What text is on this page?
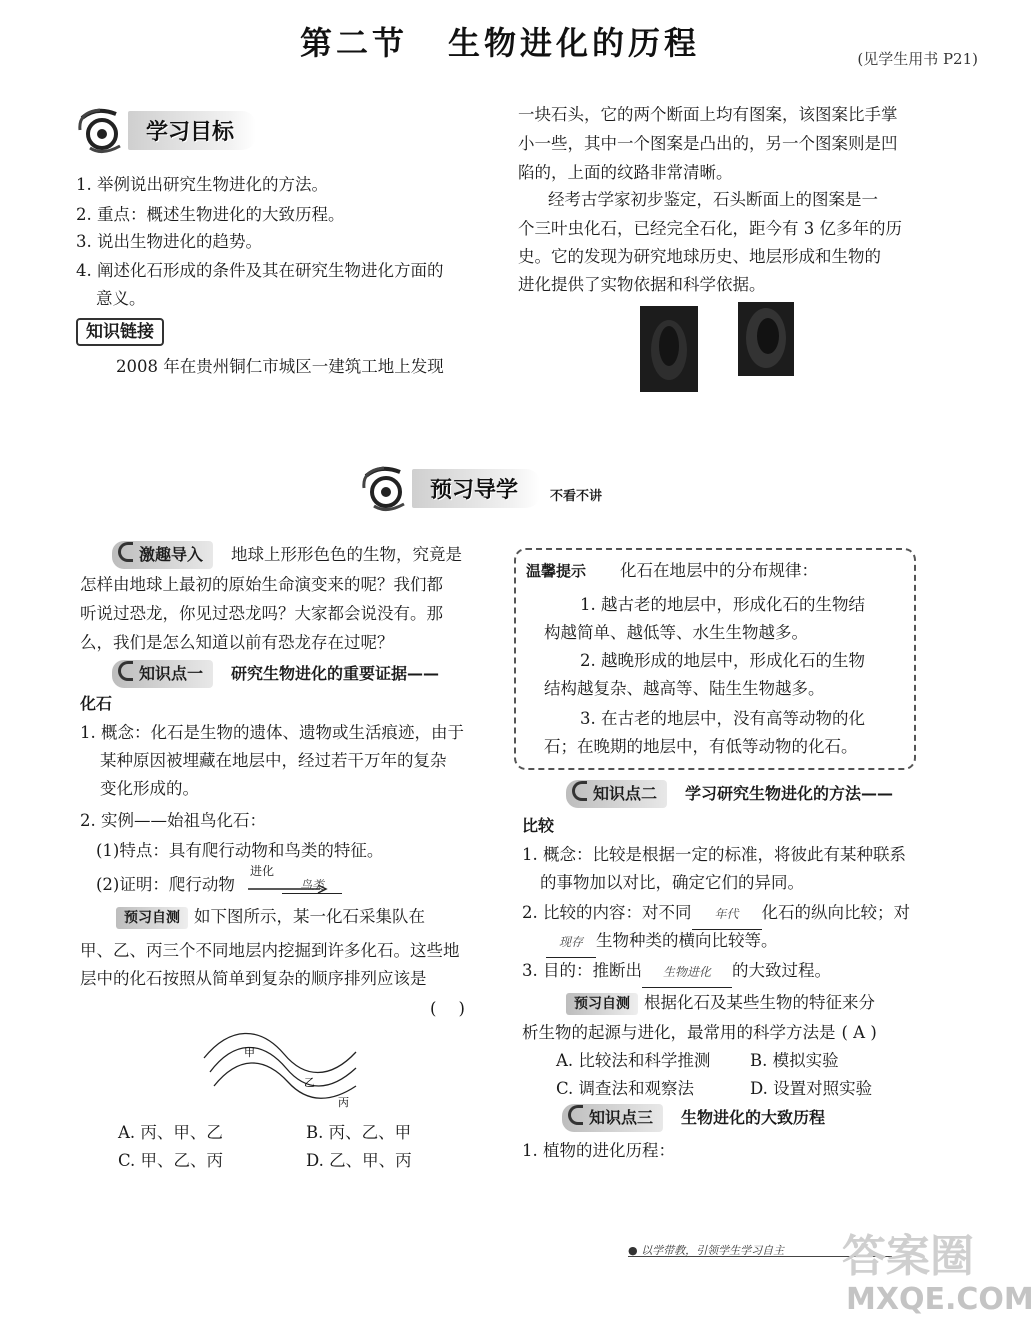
第二节 生物进化的历程	(见学生用书 P21)
学习目标
1. 举例说出研究生物进化的方法。
2. 重点：概述生物进化的大致历程。
3. 说出生物进化的趋势。
4. 阐述化石形成的条件及其在研究生物进化方面的
意义。
知识链接
2008 年在贵州铜仁市城区一建筑工地上发现
一块石头，它的两个断面上均有图案，该图案比手掌
小一些，其中一个图案是凸出的，另一个图案则是凹
陷的，上面的纹路非常清晰。
经考古学家初步鉴定，石头断面上的图案是一
个三叶虫化石，已经完全石化，距今有 3 亿多年的历
史。它的发现为研究地球历史、地层形成和生物的
进化提供了实物依据和科学依据。
预习导学	不看不讲
激趣导入 地球上形形色色的生物，究竟是
怎样由地球上最初的原始生命演变来的呢？我们都
听说过恐龙，你见过恐龙吗？大家都会说没有。那
么，我们是怎么知道以前有恐龙存在过呢？
知识点一 研究生物进化的重要证据——
化石
1. 概念：化石是生物的遗体、遗物或生活痕迹，由于
某种原因被埋藏在地层中，经过若干万年的复杂
变化形成的。
2. 实例——始祖鸟化石：
(1)特点：具有爬行动物和鸟类的特征。
(2)证明：爬行动物
进化
鸟类
预习自测 如下图所示，某一化石采集队在
甲、乙、丙三个不同地层内挖掘到许多化石。这些地
层中的化石按照从简单到复杂的顺序排列应该是
( )
甲
乙
丙
A. 丙、甲、乙	B. 丙、乙、甲
C. 甲、乙、丙	D. 乙、甲、丙
温馨提示 化石在地层中的分布规律：
1. 越古老的地层中，形成化石的生物结
构越简单、越低等、水生生物越多。
2. 越晚形成的地层中，形成化石的生物
结构越复杂、越高等、陆生生物越多。
3. 在古老的地层中，没有高等动物的化
石；在晚期的地层中，有低等动物的化石。
知识点二 学习研究生物进化的方法——
比较
1. 概念：比较是根据一定的标准，将彼此有某种联系
的事物加以对比，确定它们的异同。
2. 比较的内容：对不同 年代 化石的纵向比较；对
现存 生物种类的横向比较等。
3. 目的：推断出 生物进化 的大致过程。
预习自测 根据化石及某些生物的特征来分
析生物的起源与进化，最常用的科学方法是 ( A )
A. 比较法和科学推测 B. 模拟实验
C. 调查法和观察法	D. 设置对照实验
知识点三 生物进化的大致历程
1. 植物的进化历程：
● 以学带教，引领学生学习自主	答案圈
MXQE.COM
